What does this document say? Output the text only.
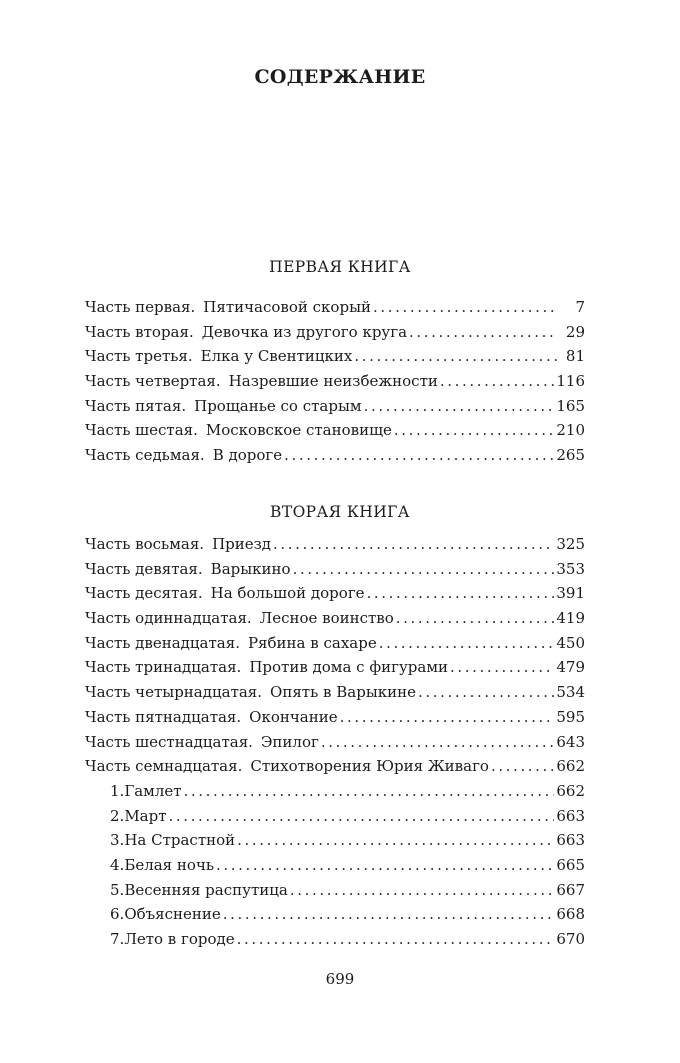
СОДЕРЖАНИЕ
ПЕРВАЯ КНИГА
Часть первая. Пятичасовой скорый .....	7
Часть вторая. Девочка из другого круга .....	29
Часть третья. Елка у Свентицких .....	81
Часть четвертая. Назревшие неизбежности .....	116
Часть пятая. Прощанье со старым .....	165
Часть шестая. Московское становище .....	210
Часть седьмая. В дороге .....	265
ВТОРАЯ КНИГА
Часть восьмая. Приезд .....	325
Часть девятая. Варыкино .....	353
Часть десятая. На большой дороге .....	391
Часть одиннадцатая. Лесное воинство .....	419
Часть двенадцатая. Рябина в сахаре .....	450
Часть тринадцатая. Против дома с фигурами .....	479
Часть четырнадцатая. Опять в Варыкине .....	534
Часть пятнадцатая. Окончание .....	595
Часть шестнадцатая. Эпилог .....	643
Часть семнадцатая. Стихотворения Юрия Живаго .....	662
1. Гамлет .....	662
2. Март .....	663
3. На Страстной .....	663
4. Белая ночь .....	665
5. Весенняя распутица .....	667
6. Объяснение .....	668
7. Лето в городе .....	670
699
